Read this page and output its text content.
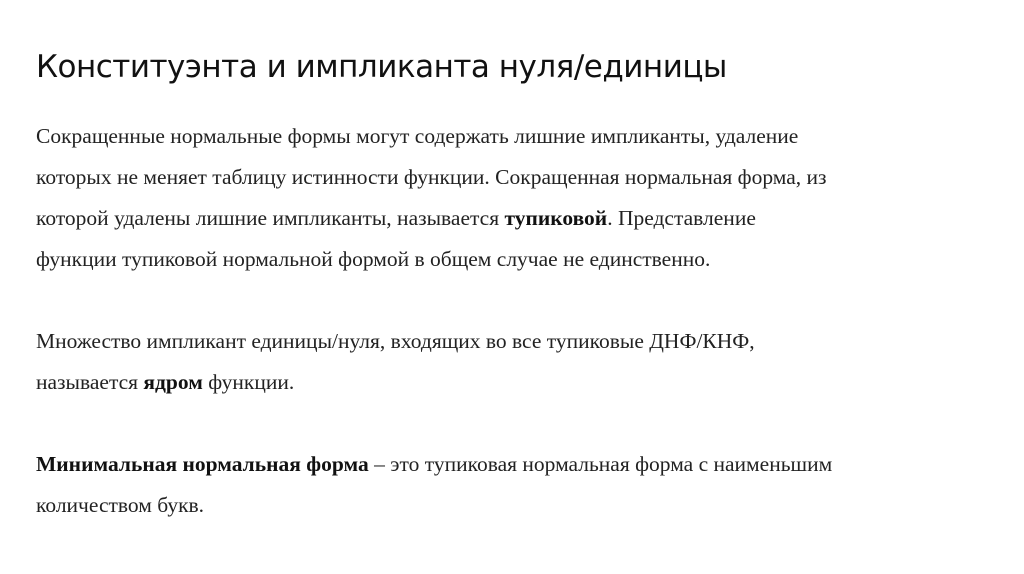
Конституэнта и импликанта нуля/единицы

Сокращенные нормальные формы могут содержать лишние импликанты, удаление
которых не меняет таблицу истинности функции. Сокращенная нормальная форма, из
которой удалены лишние импликанты, называется тупиковой. Представление
функции тупиковой нормальной формой в общем случае не единственно.

Множество импликант единицы/нуля, входящих во все тупиковые ДНФ/КНФ,
называется ядром функции.

Минимальная нормальная форма – это тупиковая нормальная форма с наименьшим
количеством букв.
